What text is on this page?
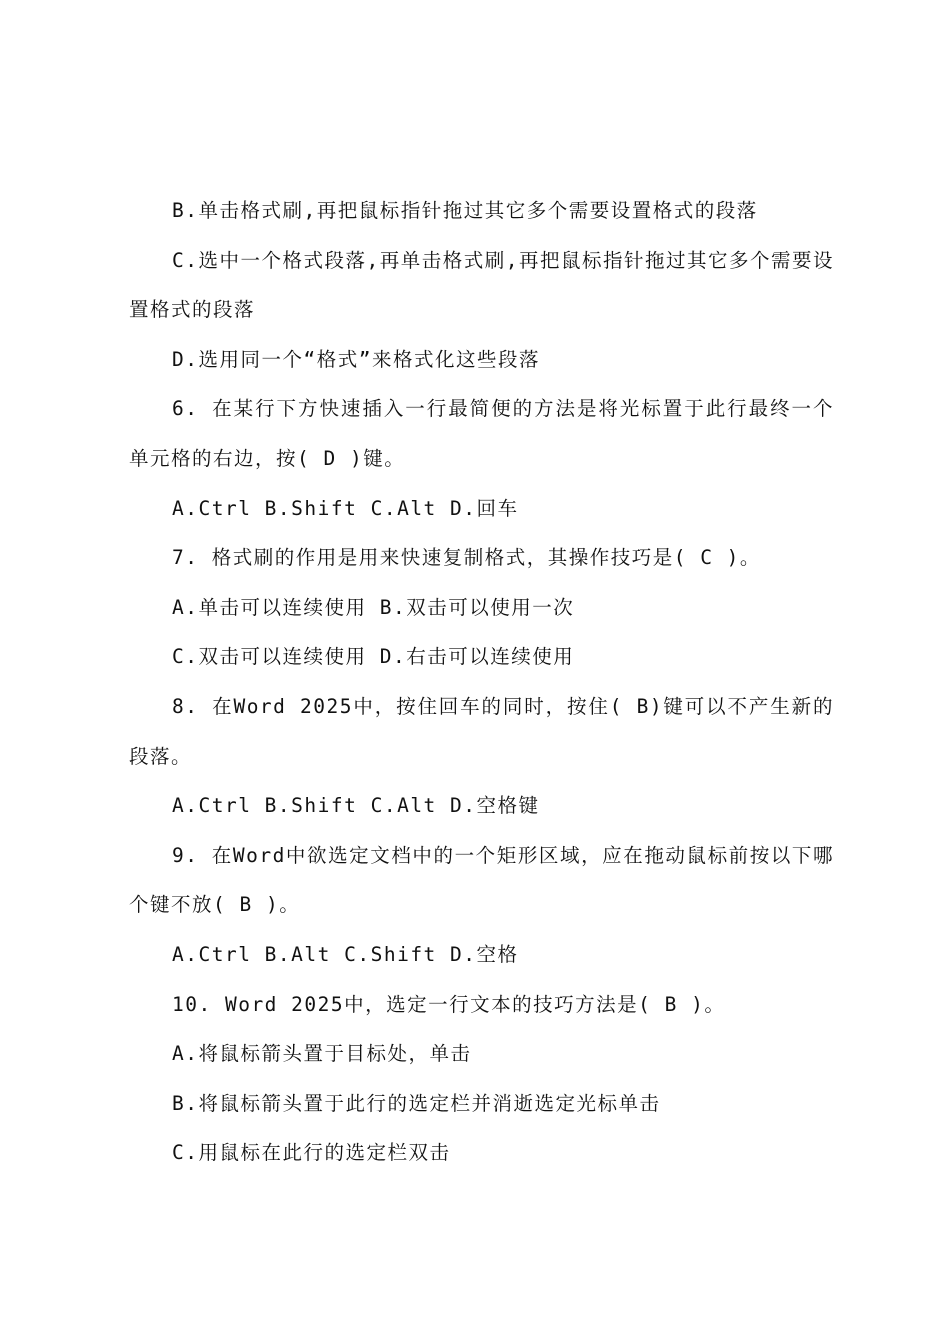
B.单击格式刷,再把鼠标指针拖过其它多个需要设置格式的段落

C.选中一个格式段落,再单击格式刷,再把鼠标指针拖过其它多个需要设置格式的段落

D.选用同一个“格式”来格式化这些段落

6. 在某行下方快速插入一行最简便的方法是将光标置于此行最终一个单元格的右边，按( D )键。

A.Ctrl B.Shift C.Alt D.回车

7. 格式刷的作用是用来快速复制格式，其操作技巧是( C )。

A.单击可以连续使用 B.双击可以使用一次

C.双击可以连续使用 D.右击可以连续使用

8. 在Word 2025中，按住回车的同时，按住( B)键可以不产生新的段落。

A.Ctrl B.Shift C.Alt D.空格键

9. 在Word中欲选定文档中的一个矩形区域，应在拖动鼠标前按以下哪个键不放( B )。

A.Ctrl B.Alt C.Shift D.空格

10. Word 2025中，选定一行文本的技巧方法是( B )。

A.将鼠标箭头置于目标处，单击

B.将鼠标箭头置于此行的选定栏并消逝选定光标单击

C.用鼠标在此行的选定栏双击
